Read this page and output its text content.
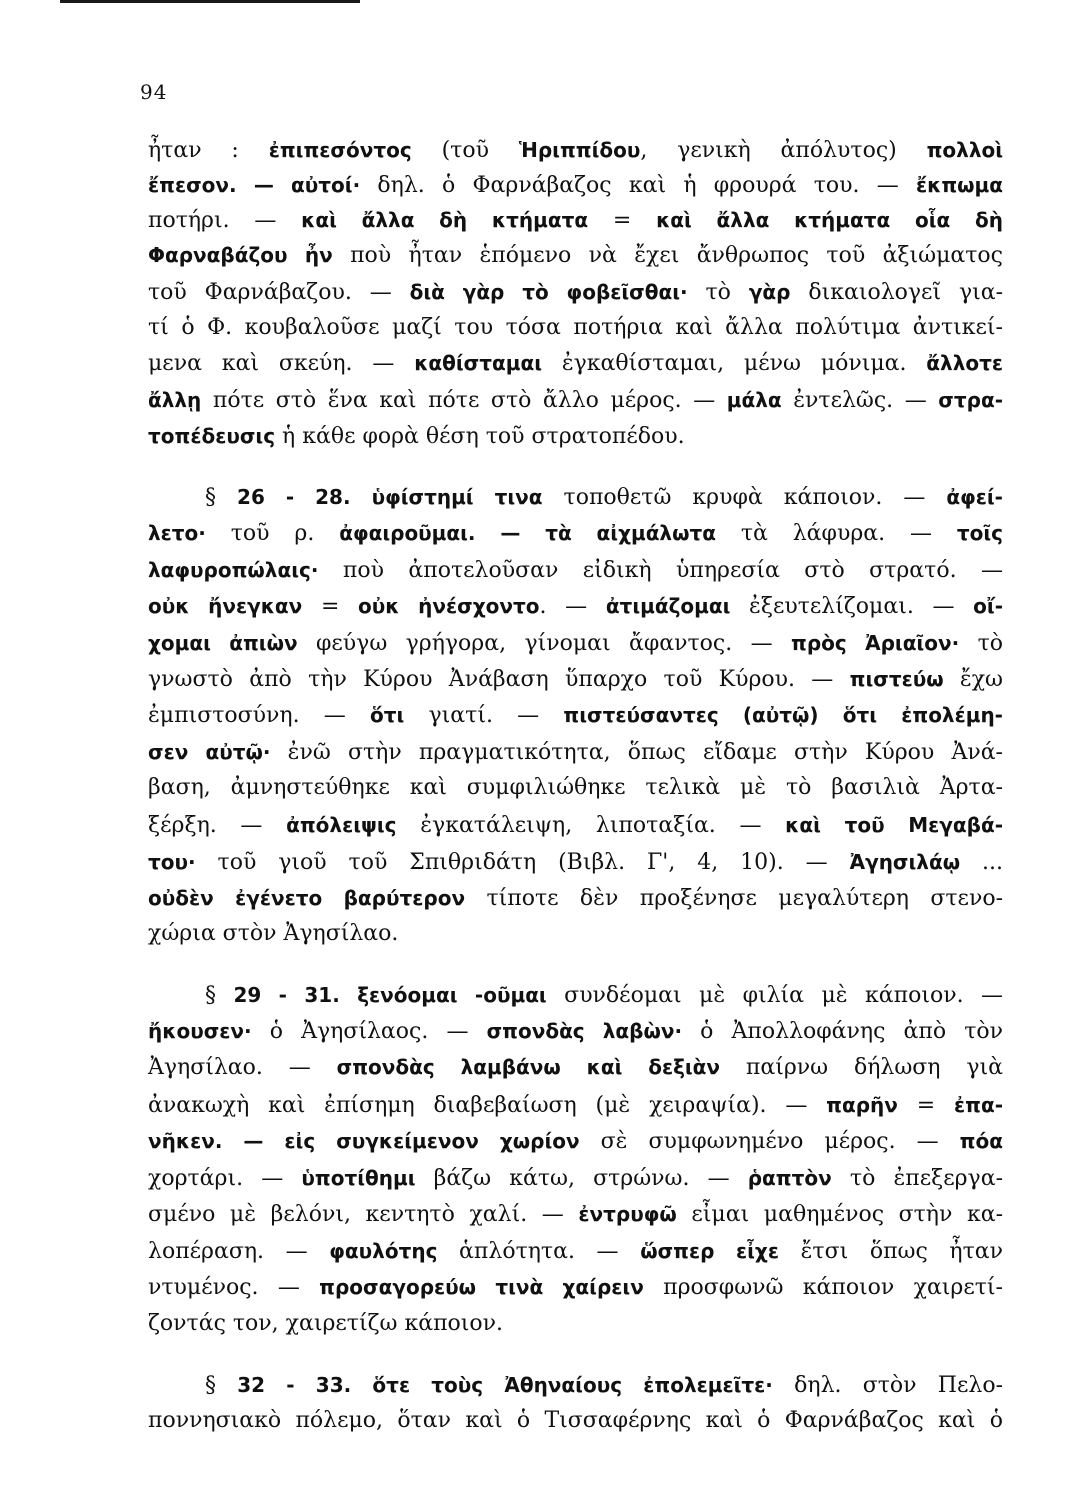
94
ἦταν : ἐπιπεσόντος (τοῦ Ἡριππίδου, γενικὴ ἀπόλυτος) πολλοὶ
ἔπεσον. — αὐτοί· δηλ. ὁ Φαρνάβαζος καὶ ἡ φρουρά του. — ἔκπωμα
ποτήρι. — καὶ ἄλλα δὴ κτήματα = καὶ ἄλλα κτήματα οἷα δὴ
Φαρναβάζου ἦν ποὺ ἦταν ἑπόμενο νὰ ἔχει ἄνθρωπος τοῦ ἀξιώματος
τοῦ Φαρνάβαζου. — διὰ γὰρ τὸ φοβεῖσθαι· τὸ γὰρ δικαιολογεῖ για-
τί ὁ Φ. κουβαλοῦσε μαζί του τόσα ποτήρια καὶ ἄλλα πολύτιμα ἀντικεί-
μενα καὶ σκεύη. — καθίσταμαι ἐγκαθίσταμαι, μένω μόνιμα. ἄλλοτε
ἄλλῃ πότε στὸ ἕνα καὶ πότε στὸ ἄλλο μέρος. — μάλα ἐντελῶς. — στρα-
τοπέδευσις ἡ κάθε φορὰ θέση τοῦ στρατοπέδου.
§ 26 - 28. ὑφίστημί τινα τοποθετῶ κρυφὰ κάποιον. — ἀφεί-
λετο· τοῦ ρ. ἀφαιροῦμαι. — τὰ αἰχμάλωτα τὰ λάφυρα. — τοῖς
λαφυροπώλαις· ποὺ ἀποτελοῦσαν εἰδικὴ ὑπηρεσία στὸ στρατό. —
οὐκ ἤνεγκαν = οὐκ ἠνέσχοντο. — ἀτιμάζομαι ἐξευτελίζομαι. — οἴ-
χομαι ἀπιὼν φεύγω γρήγορα, γίνομαι ἄφαντος. — πρὸς Ἀριαῖον· τὸ
γνωστὸ ἀπὸ τὴν Κύρου Ἀνάβαση ὕπαρχο τοῦ Κύρου. — πιστεύω ἔχω
ἐμπιστοσύνη. — ὅτι γιατί. — πιστεύσαντες (αὐτῷ) ὅτι ἐπολέμη-
σεν αὐτῷ· ἐνῶ στὴν πραγματικότητα, ὅπως εἴδαμε στὴν Κύρου Ἀνά-
βαση, ἀμνηστεύθηκε καὶ συμφιλιώθηκε τελικὰ μὲ τὸ βασιλιὰ Ἀρτα-
ξέρξη. — ἀπόλειψις ἐγκατάλειψη, λιποταξία. — καὶ τοῦ Μεγαβά-
του· τοῦ γιοῦ τοῦ Σπιθριδάτη (Βιβλ. Γ', 4, 10). — Ἀγησιλάῳ ...
οὐδὲν ἐγένετο βαρύτερον τίποτε δὲν προξένησε μεγαλύτερη στενο-
χώρια στὸν Ἀγησίλαο.
§ 29 - 31. ξενόομαι -οῦμαι συνδέομαι μὲ φιλία μὲ κάποιον. —
ἤκουσεν· ὁ Ἀγησίλαος. — σπονδὰς λαβὼν· ὁ Ἀπολλοφάνης ἀπὸ τὸν
Ἀγησίλαο. — σπονδὰς λαμβάνω καὶ δεξιὰν παίρνω δήλωση γιὰ
ἀνακωχὴ καὶ ἐπίσημη διαβεβαίωση (μὲ χειραψία). — παρῆν = ἐπα-
νῆκεν. — εἰς συγκείμενον χωρίον σὲ συμφωνημένο μέρος. — πόα
χορτάρι. — ὑποτίθημι βάζω κάτω, στρώνω. — ῥαπτὸν τὸ ἐπεξεργα-
σμένο μὲ βελόνι, κεντητὸ χαλί. — ἐντρυφῶ εἶμαι μαθημένος στὴν κα-
λοπέραση. — φαυλότης ἁπλότητα. — ὥσπερ εἶχε ἔτσι ὅπως ἦταν
ντυμένος. — προσαγορεύω τινὰ χαίρειν προσφωνῶ κάποιον χαιρετί-
ζοντάς τον, χαιρετίζω κάποιον.
§ 32 - 33. ὅτε τοὺς Ἀθηναίους ἐπολεμεῖτε· δηλ. στὸν Πελο-
ποννησιακὸ πόλεμο, ὅταν καὶ ὁ Τισσαφέρνης καὶ ὁ Φαρνάβαζος καὶ ὁ
